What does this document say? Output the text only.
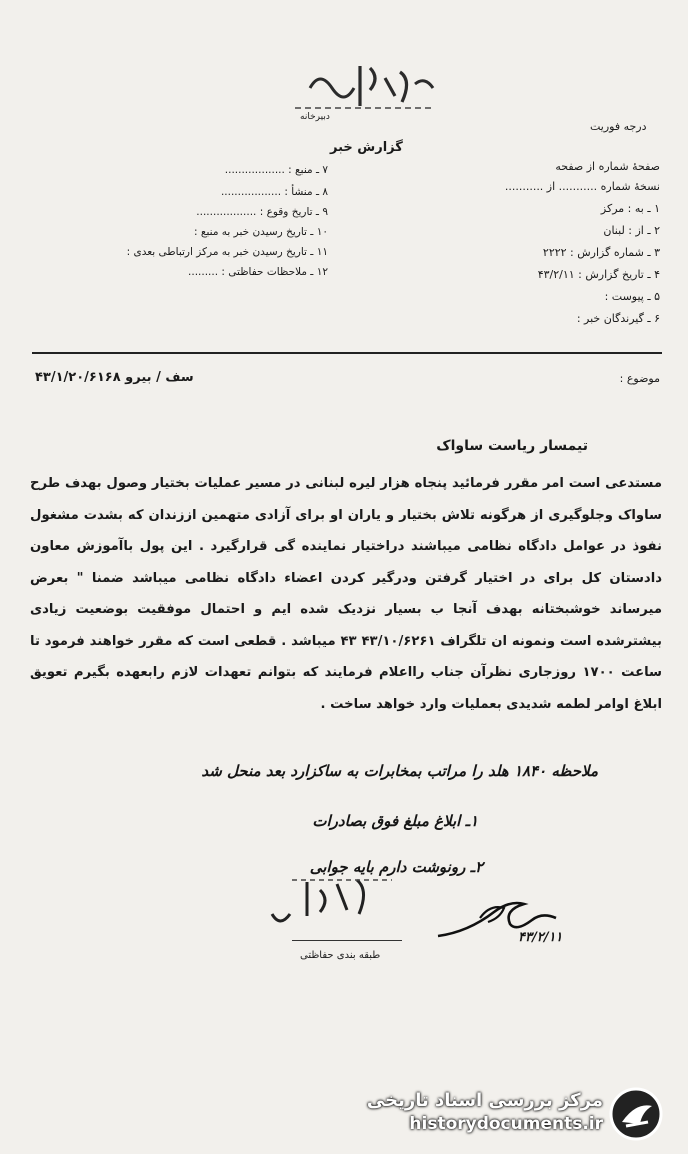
دبیرخانه
درجه فوریت
گزارش خبر
صفحهٔ شماره از صفحه
نسخهٔ شماره ........... از ...........
۱ ـ به : مرکز
۲ ـ از : لبنان
۳ ـ شماره گزارش : ۲۲۲۲
۴ ـ تاریخ گزارش : ۴۳/۲/۱۱
۵ ـ پیوست :
۶ ـ گیرندگان خبر :
۷ ـ منبع : ..................
۸ ـ منشأ : ..................
۹ ـ تاریخ وقوع : ..................
۱۰ ـ تاریخ رسیدن خبر به منبع :
۱۱ ـ تاریخ رسیدن خبر به مرکز ارتباطی بعدی :
۱۲ ـ ملاحظات حفاظتی : .........
موضوع :
سف / بیرو ۴۳/۱/۲۰/۶۱۶۸
تیمسار ریاست ساواک

مستدعی است امر مقرر فرمائید پنجاه هزار لیره لبنانی در مسیر عملیات بختیار وصول بهدف طرح ساواک وجلوگیری از هرگونه تلاش بختیار و یاران او برای آزادی متهمین اززندان که بشدت مشغول نفوذ در عوامل دادگاه نظامی میباشند دراختیار نماینده گی قرارگیرد . این پول باآموزش معاون دادستان کل برای در اختیار گرفتن ودرگیر کردن اعضاء دادگاه نظامی میباشد ضمنا " بعرض میرساند خوشبختانه بهدف آنجا ب بسیار نزدیک شده ایم و احتمال موفقیت بوضعیت زیادی بیشترشده است ونمونه ان تلگراف ۴۳/۱۰/۶۲۶۱ ۴۳ میباشد . قطعی است که مقرر خواهند فرمود تا ساعت ۱۷۰۰ روزجاری نظرآن جناب رااعلام فرمایند که بتوانم تعهدات لازم رابعهده بگیرم تعویق ابلاغ اوامر لطمه شدیدی بعملیات وارد خواهد ساخت .

ملاحظه ۱۸۴۰ هلد را مراتب بمخابرات به ساکزارد بعد منحل شد
۱ـ ابلاغ مبلغ فوق بصادرات
۲ـ رونوشت دارم بایه جوابی
طبقه بندی حفاظتی
۴۳/۲/۱۱
مرکز بررسی اسناد تاریخی
historydocuments.ir
